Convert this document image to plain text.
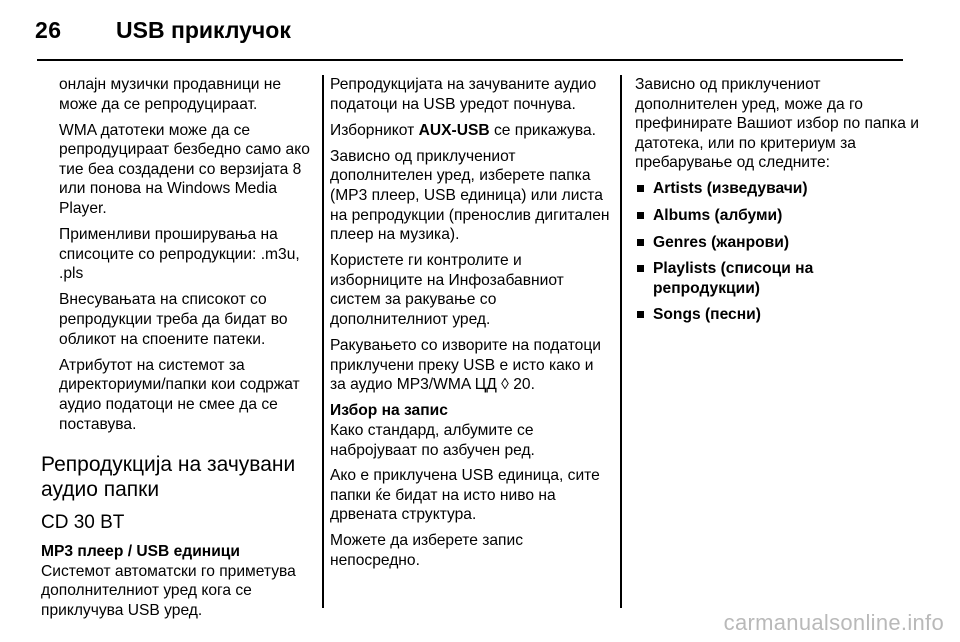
26 USB приклучок

онлајн музички продавници не може да се репродуцираат.

WMA датотеки може да се репродуцираат безбедно само ако тие беа создадени со верзијата 8 или понова на Windows Media Player.

Применливи проширувања на списоците со репродукции: .m3u, .pls

Внесувањата на списокот со репродукции треба да бидат во обликот на споените патеки.

Атрибутот на системот за директориуми/папки кои содржат аудио податоци не смее да се поставува.

Репродукција на зачувани аудио папки
CD 30 BT

MP3 плеер / USB единици
Системот автоматски го приметува дополнителниот уред кога се приклучува USB уред.

Репродукцијата на зачуваните аудио податоци на USB уредот почнува.

Изборникот AUX-USB се прикажува.

Зависно од приклучениот дополнителен уред, изберете папка (MP3 плеер, USB единица) или листа на репродукции (пренослив дигитален плеер на музика).

Користете ги контролите и изборниците на Инфозабавниот систем за ракување со дополнителниот уред.

Ракувањето со изворите на податоци приклучени преку USB е исто како и за аудио MP3/WMA ЦД ◊ 20.

Избор на запис
Како стандард, албумите се набројуваат по азбучен ред.

Ако е приклучена USB единица, сите папки ќе бидат на исто ниво на дрвената структура.

Можете да изберете запис непосредно.

Зависно од приклучениот дополнителен уред, може да го префинирате Вашиот избор по папка и датотека, или по критериум за пребарување од следните:

Artists (изведувачи)
Albums (албуми)
Genres (жанрови)
Playlists (списоци на репродукции)
Songs (песни)
carmanualsonline.info
